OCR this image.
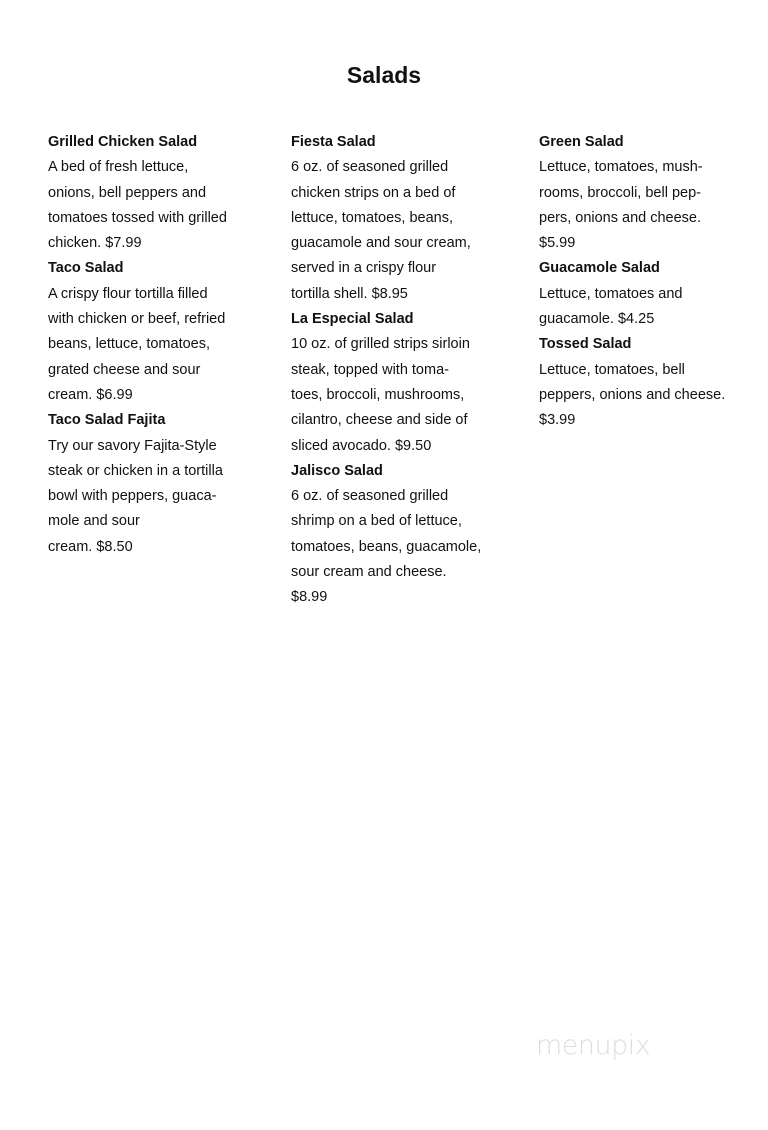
Salads
Grilled Chicken Salad
A bed of fresh lettuce,
onions, bell peppers and
tomatoes tossed with grilled
chicken. $7.99
Taco Salad
A crispy flour tortilla filled
with chicken or beef, refried
beans, lettuce, tomatoes,
grated cheese and sour
cream. $6.99
Taco Salad Fajita
Try our savory Fajita-Style
steak or chicken in a tortilla
bowl with peppers, guaca-
mole and sour
cream. $8.50
Fiesta Salad
6 oz. of seasoned grilled
chicken strips on a bed of
lettuce, tomatoes, beans,
guacamole and sour cream,
served in a crispy flour
tortilla shell. $8.95
La Especial Salad
10 oz. of grilled strips sirloin
steak, topped with toma-
toes, broccoli, mushrooms,
cilantro, cheese and side of
sliced avocado. $9.50
Jalisco Salad
6 oz. of seasoned grilled
shrimp on a bed of lettuce,
tomatoes, beans, guacamole,
sour cream and cheese.
$8.99
Green Salad
Lettuce, tomatoes, mush-
rooms, broccoli, bell pep-
pers, onions and cheese.
$5.99
Guacamole Salad
Lettuce, tomatoes and
guacamole. $4.25
Tossed Salad
Lettuce, tomatoes, bell
peppers, onions and cheese.
$3.99
menupix
